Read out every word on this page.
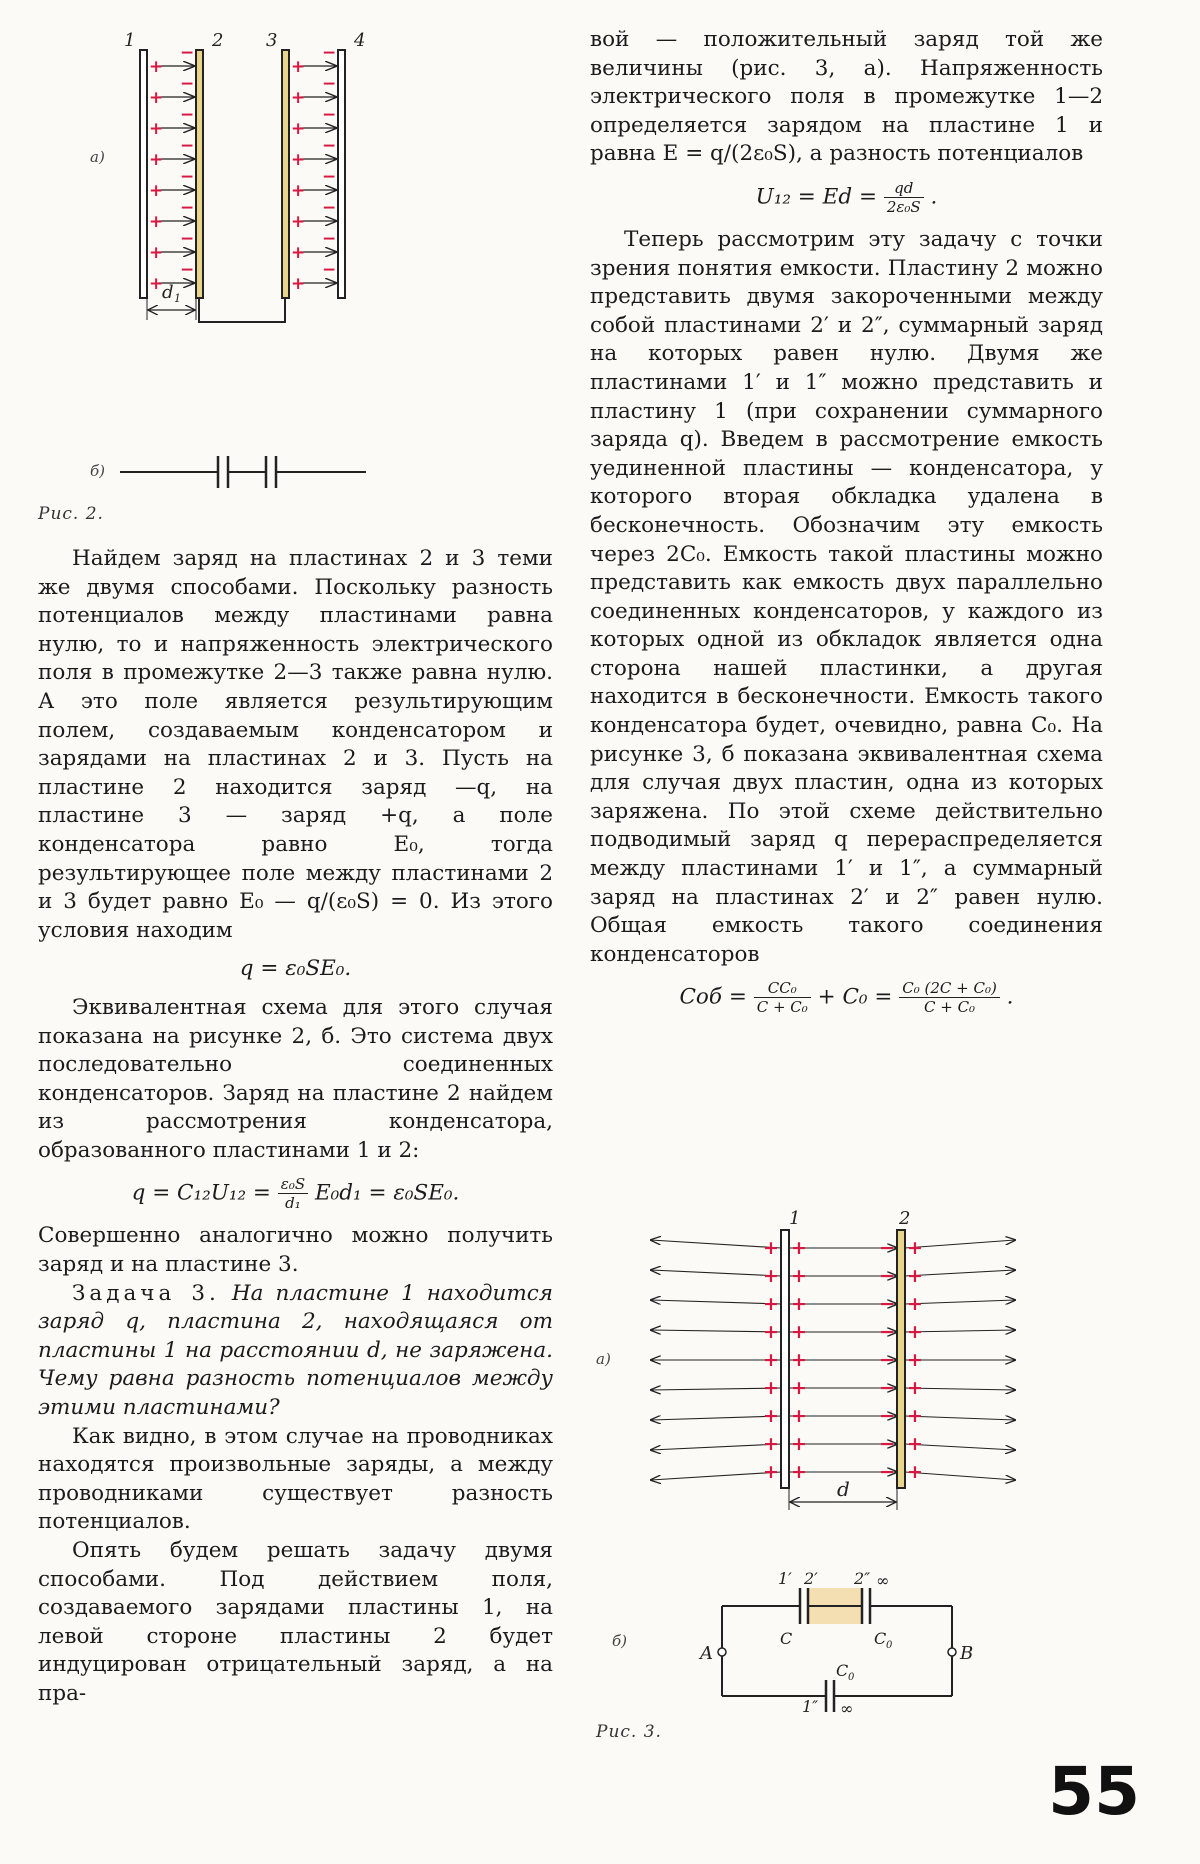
а)
+
−
+
−
+
−
+
−
+
−
+
−
+
−
+
−
+
−
+
−
+
−
+
−
+
−
+
−
+
−
+
−
d 1
1	2 3	4
б)
Рис. 2.

Найдем заряд на пластинах 2 и 3 теми же двумя способами. Поскольку разность потенциалов между пластинами равна нулю, то и напряженность электрического поля в промежутке 2—3 также равна нулю. А это поле является результирующим полем, создаваемым конденсатором и зарядами на пластинах 2 и 3. Пусть на пластине 2 находится заряд —q, на пластине 3 — заряд +q, а поле конденсатора равно E₀, тогда результирующее поле между пластинами 2 и 3 будет равно E₀ — q/(ε₀S) = 0. Из этого условия находим

q = ε₀SE₀.

Эквивалентная схема для этого случая показана на рисунке 2, б. Это система двух последовательно соединенных конденсаторов. Заряд на пластине 2 найдем из рассмотрения конденсатора, образованного пластинами 1 и 2:

$q = C_{12}U_{12} = \frac{\text{ε₀S}}{\text{d₁}} E_0d_1 = \varepsilon_0SE_0$.

Совершенно аналогично можно получить заряд и на пластине 3.

Задача 3. На пластине 1 находится заряд q, пластина 2, находящаяся от пластины 1 на расстоянии d, не заряжена. Чему равна разность потенциалов между этими пластинами?

Как видно, в этом случае на проводниках находятся произвольные заряды, а между проводниками существует разность потенциалов.

Опять будем решать задачу двумя способами. Под действием поля, создаваемого зарядами пластины 1, на левой стороне пластины 2 будет индуцирован отрицательный заряд, а на пра-

вой — положительный заряд той же величины (рис. 3, а). Напряженность электрического поля в промежутке 1—2 определяется зарядом на пластине 1 и равна E = q/(2ε₀S), а разность потенциалов

$U_{12} = Ed = \frac{qd}{\text{2ε₀S}}$ .

Теперь рассмотрим эту задачу с точки зрения понятия емкости. Пластину 2 можно представить двумя закороченными между собой пластинами 2′ и 2″, суммарный заряд на которых равен нулю. Двумя же пластинами 1′ и 1″ можно представить и пластину 1 (при сохранении суммарного заряда q). Введем в рассмотрение емкость уединенной пластины — конденсатора, у которого вторая обкладка удалена в бесконечность. Обозначим эту емкость через 2C₀. Емкость такой пластины можно представить как емкость двух параллельно соединенных конденсаторов, у каждого из которых одной из обкладок является одна сторона нашей пластинки, а другая находится в бесконечности. Емкость такого конденсатора будет, очевидно, равна C₀. На рисунке 3, б показана эквивалентная схема для случая двух пластин, одна из которых заряжена. По этой схеме действительно подводимый заряд q перераспределяется между пластинами 1′ и 1″, а суммарный заряд на пластинах 2′ и 2″ равен нулю. Общая емкость такого соединения конденсаторов

Cоб = $\frac{\text{CC₀}}{\text{C + C₀}} + C_0 = \frac{\text{C₀ (2C + C₀)}}{\text{C + C₀}}$ .

а)
+ +	− +
+ +	− +
+ +	− +
+ +	− +
+ +	− +
+ +	− +
+ +	− +
+ +	− +
+ +	− +
d
1	2
б)
A	B
1′ 2′ 2″ ∞
C	C 0
C 0
1″ ∞
Рис. 3.
55
